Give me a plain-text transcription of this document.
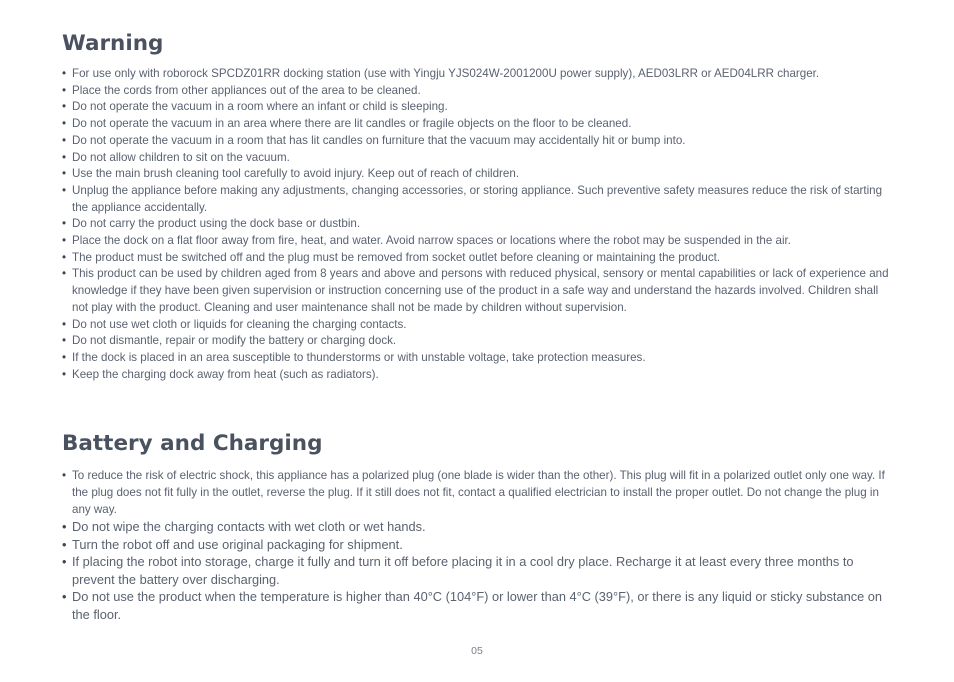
Warning
• For use only with roborock SPCDZ01RR docking station (use with Yingju YJS024W-2001200U power supply), AED03LRR or AED04LRR charger.
• Place the cords from other appliances out of the area to be cleaned.
• Do not operate the vacuum in a room where an infant or child is sleeping.
• Do not operate the vacuum in an area where there are lit candles or fragile objects on the floor to be cleaned.
• Do not operate the vacuum in a room that has lit candles on furniture that the vacuum may accidentally hit or bump into.
• Do not allow children to sit on the vacuum.
• Use the main brush cleaning tool carefully to avoid injury. Keep out of reach of children.
• Unplug the appliance before making any adjustments, changing accessories, or storing appliance. Such preventive safety measures reduce the risk of starting the appliance accidentally.
• Do not carry the product using the dock base or dustbin.
• Place the dock on a flat floor away from fire, heat, and water. Avoid narrow spaces or locations where the robot may be suspended in the air.
• The product must be switched off and the plug must be removed from socket outlet before cleaning or maintaining the product.
• This product can be used by children aged from 8 years and above and persons with reduced physical, sensory or mental capabilities or lack of experience and knowledge if they have been given supervision or instruction concerning use of the product in a safe way and understand the hazards involved. Children shall not play with the product. Cleaning and user maintenance shall not be made by children without supervision.
• Do not use wet cloth or liquids for cleaning the charging contacts.
• Do not dismantle, repair or modify the battery or charging dock.
• If the dock is placed in an area susceptible to thunderstorms or with unstable voltage, take protection measures.
• Keep the charging dock away from heat (such as radiators).
Battery and Charging
• To reduce the risk of electric shock, this appliance has a polarized plug (one blade is wider than the other). This plug will fit in a polarized outlet only one way. If the plug does not fit fully in the outlet, reverse the plug. If it still does not fit, contact a qualified electrician to install the proper outlet. Do not change the plug in any way.
• Do not wipe the charging contacts with wet cloth or wet hands.
• Turn the robot off and use original packaging for shipment.
• If placing the robot into storage, charge it fully and turn it off before placing it in a cool dry place. Recharge it at least every three months to prevent the battery over discharging.
• Do not use the product when the temperature is higher than 40°C (104°F) or lower than 4°C (39°F), or there is any liquid or sticky substance on the floor.
05
